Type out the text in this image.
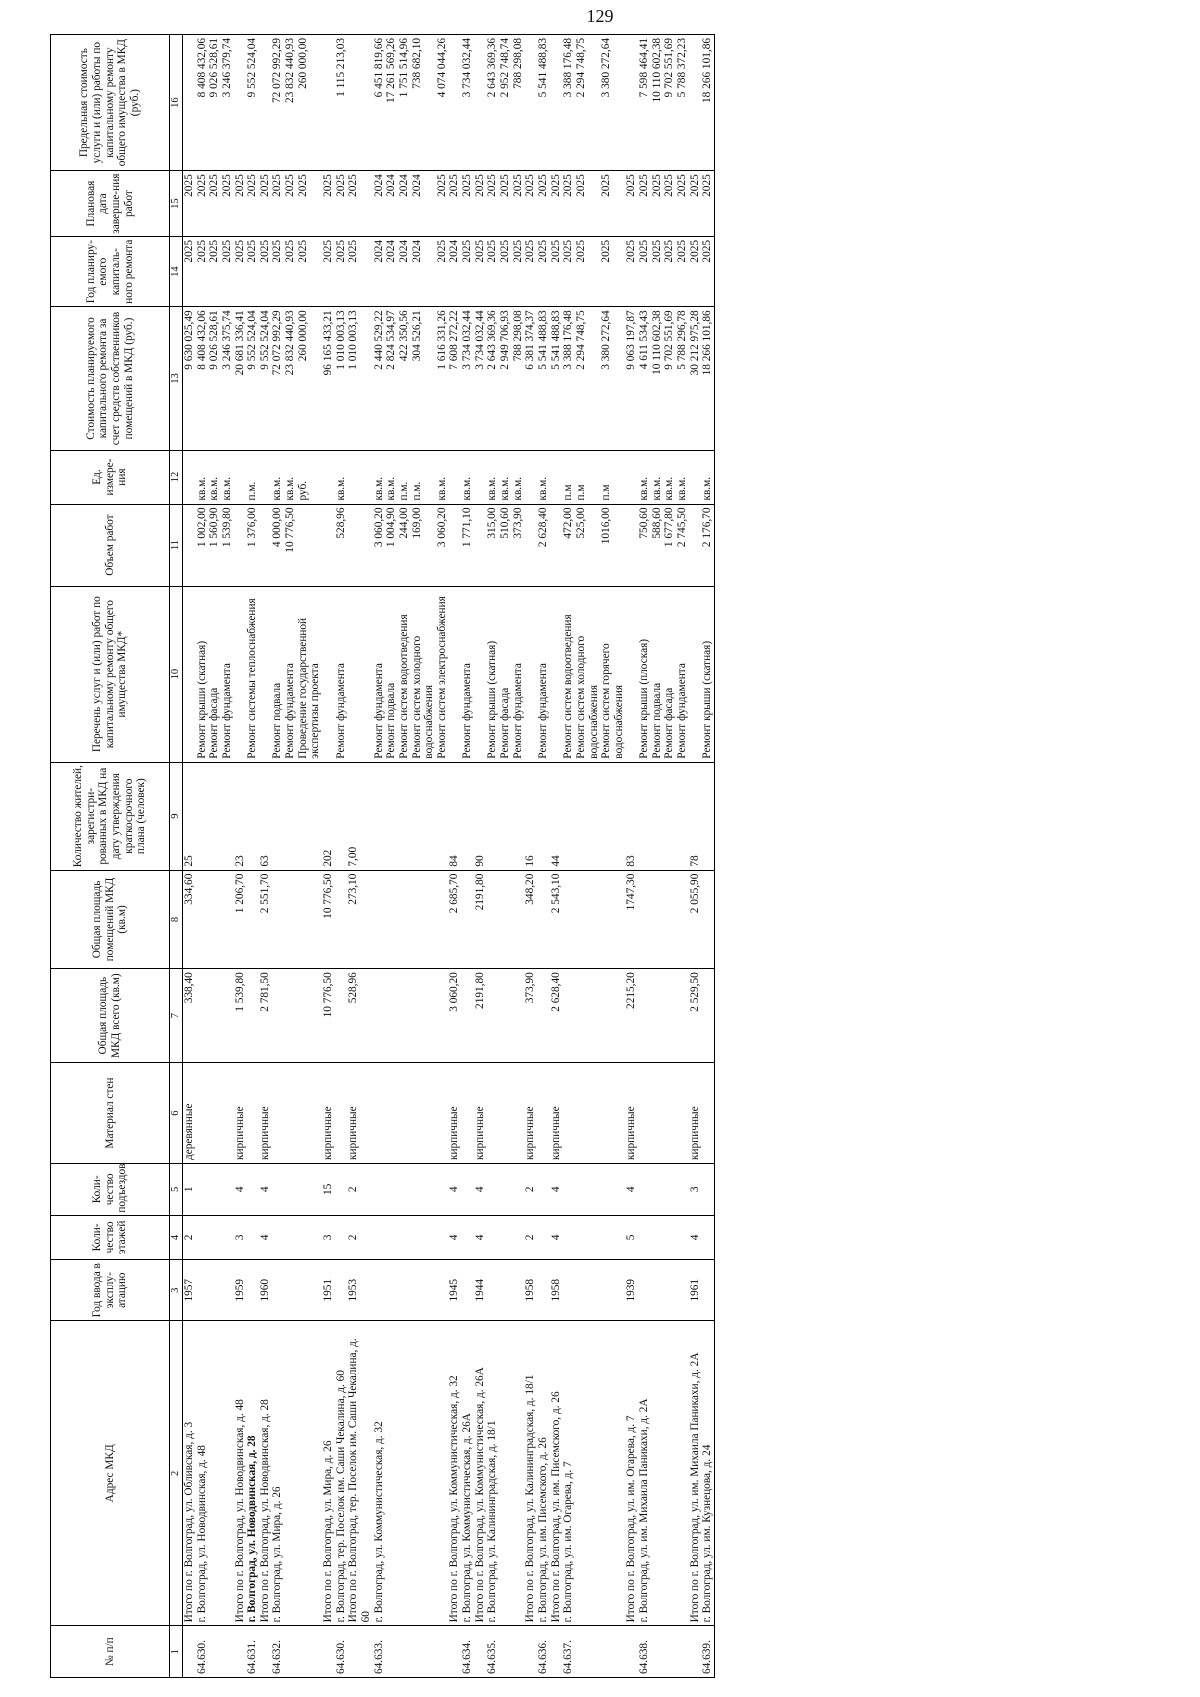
129
№ п/п	Адрес МКД	Год ввода в эксплу-атацию	Коли-чество этажей	Коли-чество подъездов	Материал стен	Общая площадь МКД всего (кв.м)	Общая площадь помещений МКД (кв.м)	Количество жителей, зарегистри-рованных в МКД на дату утверждения краткосрочного плана (человек)	Перечень услуг и (или) работ по капитальному ремонту общего имущества МКД*	Объем работ	Ед. измере-ния	Стоимость планируемого капитального ремонта за счет средств собственников помещений в МКД (руб.)	Год планиру-емого капиталь-ного ремонта	Плановая дата заверше-ния работ	Предельная стоимость услуги и (или) работы по капитальному ремонту общего имущества в МКД (руб.)
1	2	3	4	5	6	7	8	9	10	11	12	13	14	15	16
	Итого по г. Волгоград, ул. Обливская, д. 3	1957	2	1	деревянные	338,40	334,60	25				9 630 025,49	2025	2025	
64.630.	г. Волгоград, ул. Новодвинская, д. 48								Ремонт крыши (скатная)	1 002,00	кв.м.	8 408 432,06	2025	2025	8 408 432,06
									Ремонт фасада	1 560,90	кв.м.	9 026 528,61	2025	2025	9 026 528,61
									Ремонт фундамента	1 539,80	кв.м.	3 246 375,74	2025	2025	3 246 379,74
	Итого по г. Волгоград, ул. Новодвинская, д. 48	1959	3	4	кирпичные	1 539,80	1 206,70	23				20 681 336,41	2025	2025	
64.631.	г. Волгоград, ул. Новодвинская, д. 28								Ремонт системы теплоснабжения	1 376,00	п.м.	9 552 524,04	2025	2025	9 552 524,04
	Итого по г. Волгоград, ул. Новодвинская, д. 28	1960	4	4	кирпичные	2 781,50	2 551,70	63				9 552 524,04	2025	2025	
64.632.	г. Волгоград, ул. Мира, д. 26								Ремонт подвала	4 000,00	кв.м.	72 072 992,29	2025	2025	72 072 992,29
									Ремонт фундамента	10 776,50	кв.м.	23 832 440,93	2025	2025	23 832 440,93
									Проведение государственной экспертизы проекта		руб.	260 000,00	2025	2025	260 000,00
	Итого по г. Волгоград, ул. Мира, д. 26	1951	3	15	кирпичные	10 776,50	10 776,50	202				96 165 433,21	2025	2025	
64.630.	г. Волгоград, тер. Поселок им. Саши Чекалина, д. 60								Ремонт фундамента	528,96	кв.м.	1 010 003,13	2025	2025	1 115 213,03
	Итого по г. Волгоград, тер. Поселок им. Саши Чекалина, д. 60	1953	2	2	кирпичные	528,96	273,10	7,00				1 010 003,13	2025	2025	
64.633.	г. Волгоград, ул. Коммунистическая, д. 32								Ремонт фундамента	3 060,20	кв.м.	2 440 529,22	2024	2024	6 451 819,66
									Ремонт подвала	1 004,90	кв.м.	2 824 534,97	2024	2024	17 261 569,26
									Ремонт систем водоотведения	244,00	п.м.	422 350,56	2024	2024	1 751 514,96
									Ремонт систем холодного водоснабжения	169,00	п.м.	304 526,21	2024	2024	738 682,10
									Ремонт систем электроснабжения	3 060,20	кв.м.	1 616 331,26	2025	2025	4 074 044,26
	Итого по г. Волгоград, ул. Коммунистическая, д. 32	1945	4	4	кирпичные	3 060,20	2 685,70	84				7 608 272,22	2024	2025	
64.634.	г. Волгоград, ул. Коммунистическая, д. 26А								Ремонт фундамента	1 771,10	кв.м.	3 734 032,44	2025	2025	3 734 032,44
	Итого по г. Волгоград, ул. Коммунистическая, д. 26А	1944	4	4	кирпичные	2191,80	2191,80	90				3 734 032,44	2025	2025	
64.635.	г. Волгоград, ул. Калининградская, д. 18/1								Ремонт крыши (скатная)	315,00	кв.м.	2 643 369,36	2025	2025	2 643 369,36
									Ремонт фасада	510,60	кв.м.	2 949 706,93	2025	2025	2 952 748,74
									Ремонт фундамента	373,90	кв.м.	788 298,08	2025	2025	788 298,08
	Итого по г. Волгоград, ул. Калининградская, д. 18/1	1958	2	2	кирпичные	373,90	348,20	16				6 381 374,37	2025	2025	
64.636.	г. Волгоград, ул. им. Писемского, д. 26								Ремонт фундамента	2 628,40	кв.м.	5 541 488,83	2025	2025	5 541 488,83
	Итого по г. Волгоград, ул. им. Писемского, д. 26	1958	4	4	кирпичные	2 628,40	2 543,10	44				5 541 488,83	2025	2025	
64.637.	г. Волгоград, ул. им. Огарева, д. 7								Ремонт систем водоотведения	472,00	п.м	3 388 176,48	2025	2025	3 388 176,48
									Ремонт систем холодного водоснабжения	525,00	п.м	2 294 748,75	2025	2025	2 294 748,75
									Ремонт систем горячего водоснабжения	1016,00	п.м	3 380 272,64	2025	2025	3 380 272,64
	Итого по г. Волгоград, ул. им. Огарева, д. 7	1939	5	4	кирпичные	2215,20	1747,30	83				9 063 197,87	2025	2025	
64.638.	г. Волгоград, ул. им. Михаила Паникахи, д. 2А								Ремонт крыши (плоская)	750,60	кв.м.	4 611 534,43	2025	2025	7 598 464,41
									Ремонт подвала	588,60	кв.м.	10 110 602,38	2025	2025	10 110 602,38
									Ремонт фасада	1 677,80	кв.м.	9 702 551,69	2025	2025	9 702 551,69
									Ремонт фундамента	2 745,50	кв.м.	5 788 296,78	2025	2025	5 788 372,23
	Итого по г. Волгоград, ул. им. Михаила Паникахи, д. 2А	1961	4	3	кирпичные	2 529,50	2 055,90	78				30 212 975,28	2025	2025	
64.639.	г. Волгоград, ул. им. Кузнецова, д. 24								Ремонт крыши (скатная)	2 176,70	кв.м.	18 266 101,86	2025	2025	18 266 101,86
